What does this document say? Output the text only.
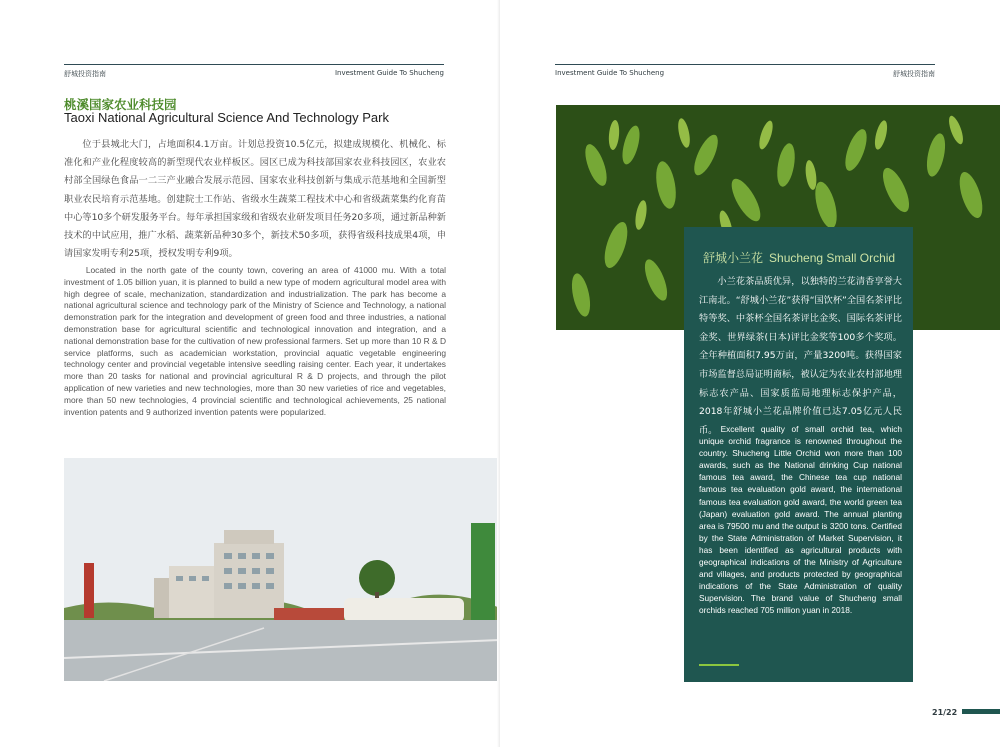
舒城投资指南	Investment Guide To Shucheng
桃溪国家农业科技园
Taoxi National Agricultural Science And Technology Park

位于县城北大门，占地面积4.1万亩。计划总投资10.5亿元，拟建成规模化、机械化、标准化和产业化程度较高的新型现代农业样板区。园区已成为科技部国家农业科技园区，农业农村部全国绿色食品一二三产业融合发展示范园、国家农业科技创新与集成示范基地和全国新型职业农民培育示范基地。创建院士工作站、省级水生蔬菜工程技术中心和省级蔬菜集约化育苗中心等10多个研发服务平台。每年承担国家级和省级农业研发项目任务20多项，通过新品种新技术的中试应用，推广水稻、蔬菜新品种30多个，新技术50多项，获得省级科技成果4项，申请国家发明专利25项，授权发明专利9项。

Located in the north gate of the county town, covering an area of 41000 mu. With a total investment of 1.05 billion yuan, it is planned to build a new type of modern agricultural model area with high degree of scale, mechanization, standardization and industrialization. The park has become a national agricultural science and technology park of the Ministry of Science and Technology, a national demonstration park for the integration and development of green food and three industries, a national demonstration base for agricultural scientific and technological innovation and integration, and a national demonstration base for the cultivation of new professional farmers. Set up more than 10 R & D service platforms, such as academician workstation, provincial aquatic vegetable engineering technology center and provincial vegetable intensive seedling raising center. Each year, it undertakes more than 20 tasks for national and provincial agricultural R & D projects, and through the pilot application of new varieties and new technologies, more than 30 new varieties of rice and vegetables, more than 50 new technologies, 4 provincial scientific and technological achievements, 25 national invention patents and 9 authorized invention patents were popularized.

Investment Guide To Shucheng	舒城投资指南
舒城小兰花 Shucheng Small Orchid

小兰花茶品质优异，以独特的兰花清香享誉大江南北。“舒城小兰花”获得“国饮杯”全国名茶评比特等奖、中茶杯全国名茶评比金奖、国际名茶评比金奖、世界绿茶(日本)评比金奖等100多个奖项。全年种植面积7.95万亩，产量3200吨。获得国家市场监督总局证明商标，被认定为农业农村部地理标志农产品、国家质监局地理标志保护产品，2018年舒城小兰花品牌价值已达7.05亿元人民币。 Excellent quality of small orchid tea, which unique orchid fragrance is renowned throughout the country. Shucheng Little Orchid won more than 100 awards, such as the National drinking Cup national famous tea award, the Chinese tea cup national famous tea evaluation gold award, the international famous tea evaluation gold award, the world green tea (Japan) evaluation gold award. The annual planting area is 79500 mu and the output is 3200 tons. Certified by the State Administration of Market Supervision, it has been identified as agricultural products with geographical indications of the Ministry of Agriculture and villages, and products protected by geographical indications of the State Administration of quality Supervision. The brand value of Shucheng small orchids reached 705 million yuan in 2018.

21/22
